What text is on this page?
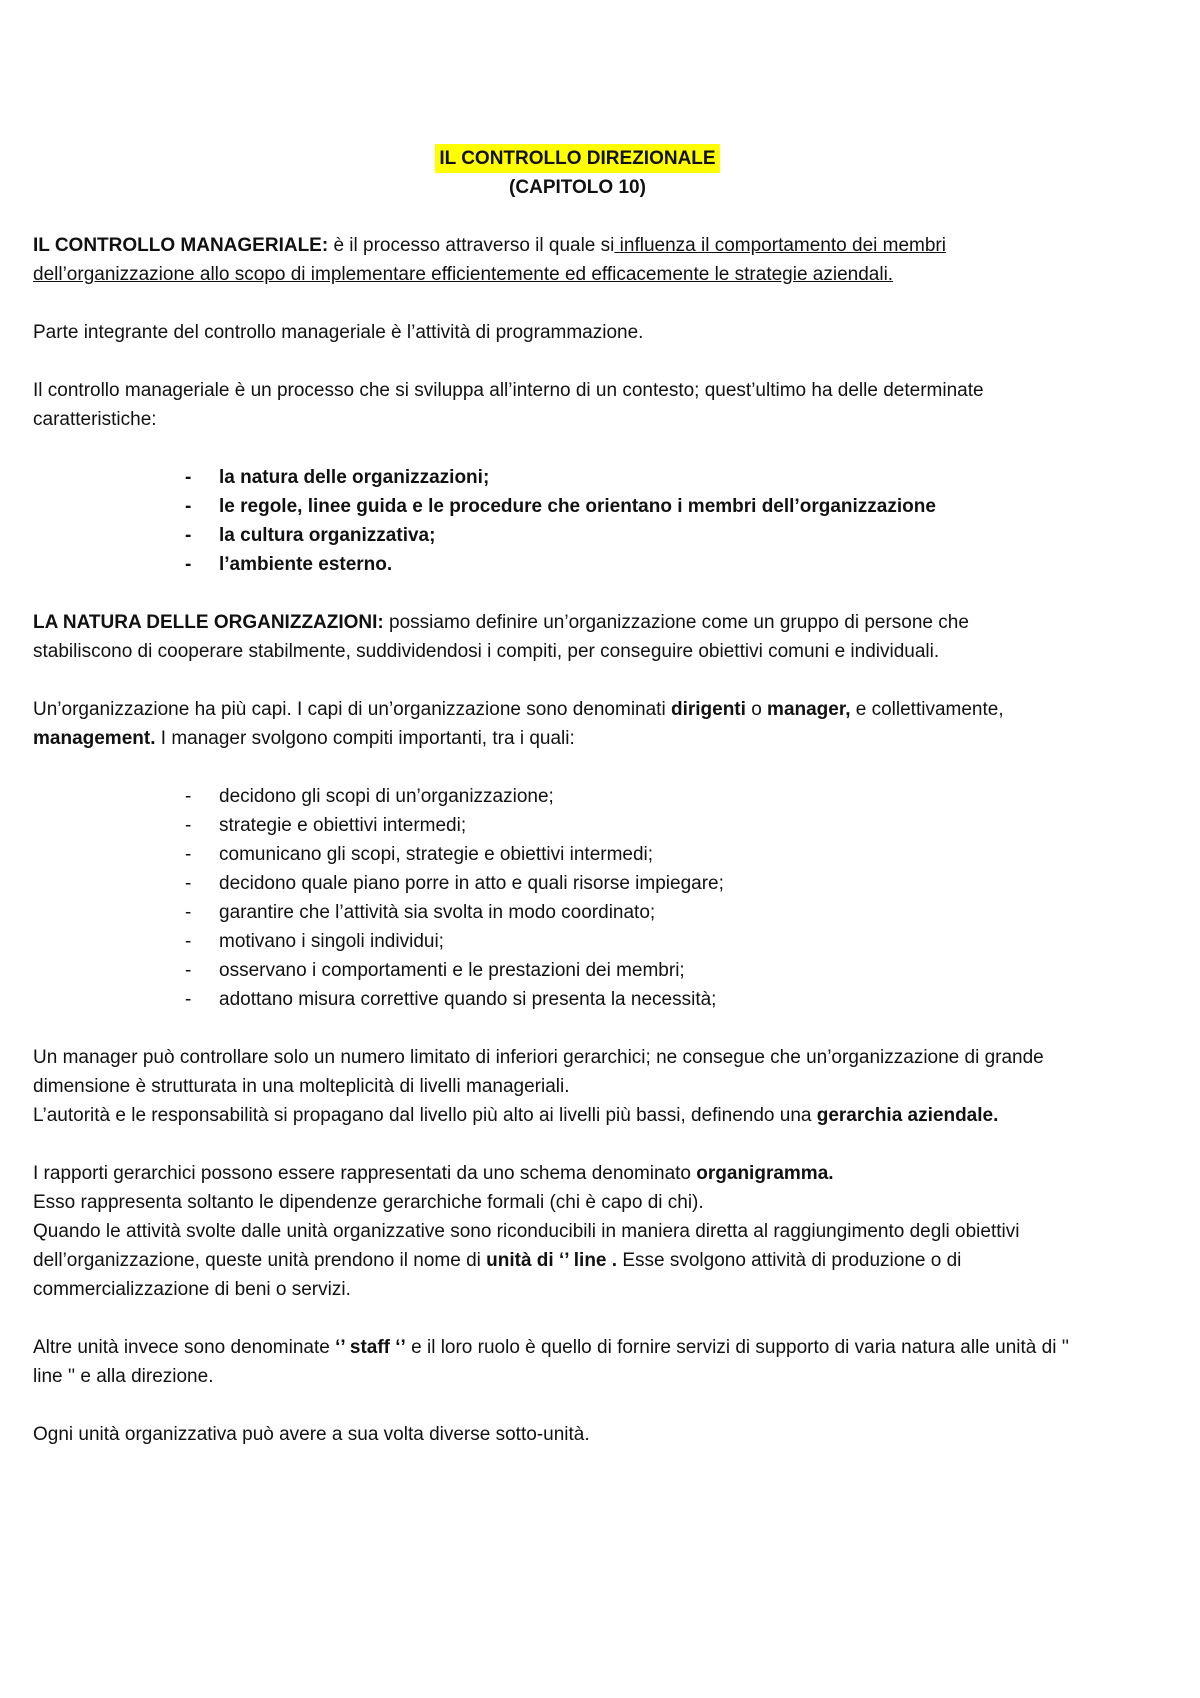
IL CONTROLLO DIREZIONALE
(CAPITOLO 10)

IL CONTROLLO MANAGERIALE: è il processo attraverso il quale si influenza il comportamento dei membri dell’organizzazione allo scopo di implementare efficientemente ed efficacemente le strategie aziendali.

Parte integrante del controllo manageriale è l’attività di programmazione.

Il controllo manageriale è un processo che si sviluppa all’interno di un contesto; quest’ultimo ha delle determinate caratteristiche:

- la natura delle organizzazioni;
- le regole, linee guida e le procedure che orientano i membri dell’organizzazione
- la cultura organizzativa;
- l’ambiente esterno.

LA NATURA DELLE ORGANIZZAZIONI: possiamo definire un’organizzazione come un gruppo di persone che stabiliscono di cooperare stabilmente, suddividendosi i compiti, per conseguire obiettivi comuni e individuali.

Un’organizzazione ha più capi. I capi di un’organizzazione sono denominati dirigenti o manager, e collettivamente, management. I manager svolgono compiti importanti, tra i quali:

- decidono gli scopi di un’organizzazione;
- strategie e obiettivi intermedi;
- comunicano gli scopi, strategie e obiettivi intermedi;
- decidono quale piano porre in atto e quali risorse impiegare;
- garantire che l’attività sia svolta in modo coordinato;
- motivano i singoli individui;
- osservano i comportamenti e le prestazioni dei membri;
- adottano misura correttive quando si presenta la necessità;

Un manager può controllare solo un numero limitato di inferiori gerarchici; ne consegue che un’organizzazione di grande dimensione è strutturata in una molteplicità di livelli manageriali.

L’autorità e le responsabilità si propagano dal livello più alto ai livelli più bassi, definendo una gerarchia aziendale.

I rapporti gerarchici possono essere rappresentati da uno schema denominato organigramma.

Esso rappresenta soltanto le dipendenze gerarchiche formali (chi è capo di chi).

Quando le attività svolte dalle unità organizzative sono riconducibili in maniera diretta al raggiungimento degli obiettivi dell’organizzazione, queste unità prendono il nome di unità di ‘’ line . Esse svolgono attività di produzione o di commercializzazione di beni o servizi.

Altre unità invece sono denominate ‘’ staff ‘’ e il loro ruolo è quello di fornire servizi di supporto di varia natura alle unità di '' line '' e alla direzione.

Ogni unità organizzativa può avere a sua volta diverse sotto-unità.
